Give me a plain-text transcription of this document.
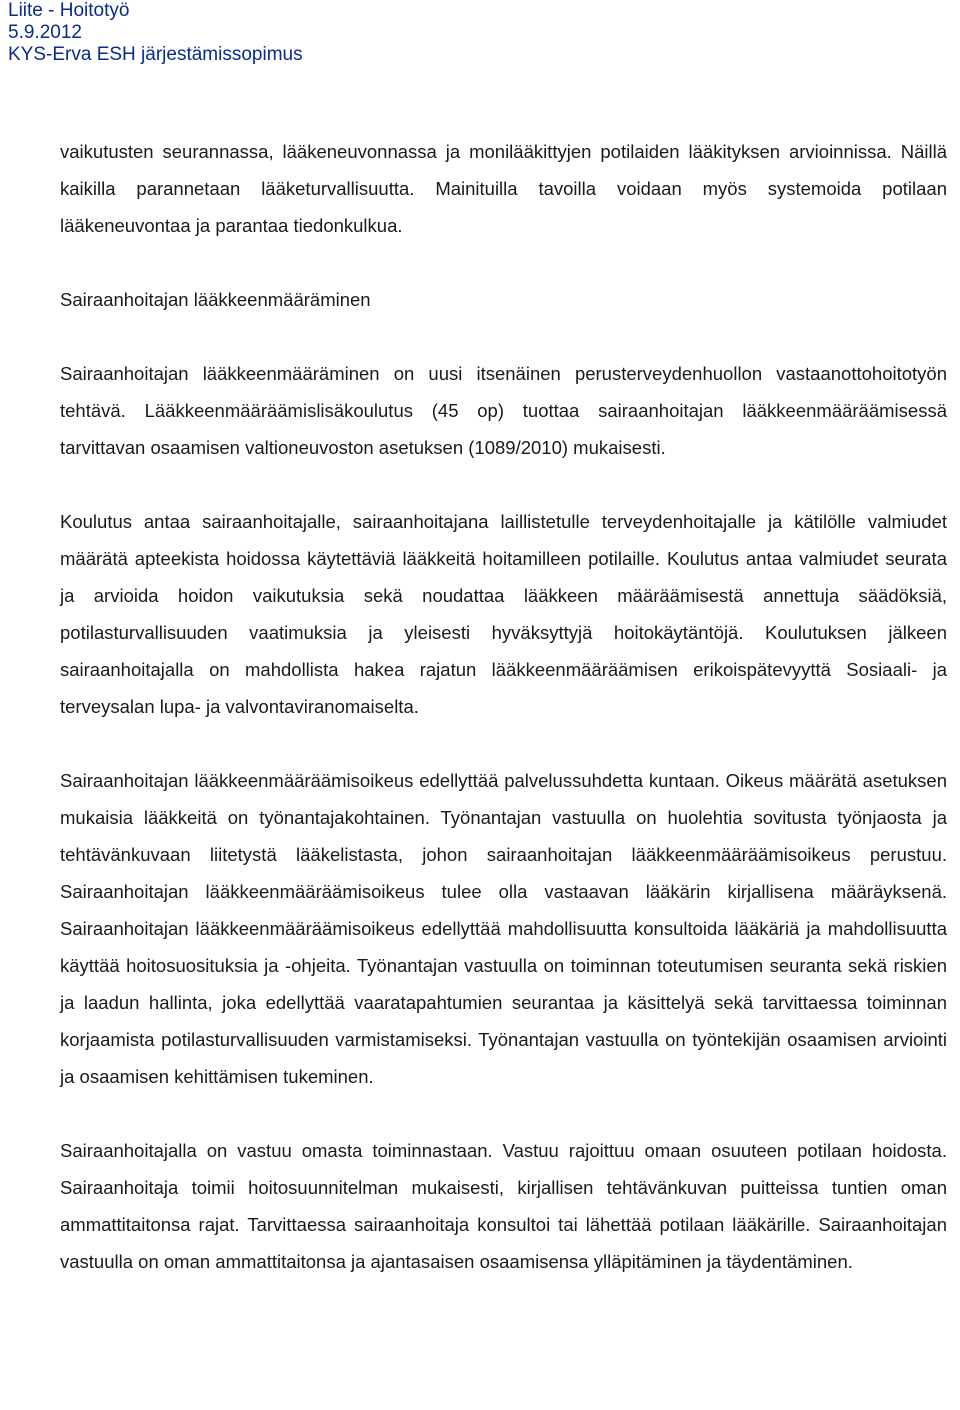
Liite - Hoitotyö
5.9.2012
KYS-Erva ESH järjestämissopimus

vaikutusten seurannassa, lääkeneuvonnassa ja monilääkittyjen potilaiden lääkityksen arvioinnissa. Näillä kaikilla parannetaan lääketurvallisuutta. Mainituilla tavoilla voidaan myös systemoida potilaan lääkeneuvontaa ja parantaa tiedonkulkua.

Sairaanhoitajan lääkkeenmääräminen

Sairaanhoitajan lääkkeenmääräminen on uusi itsenäinen perusterveydenhuollon vastaanottohoitotyön tehtävä. Lääkkeenmääräämislisäkoulutus (45 op) tuottaa sairaanhoitajan lääkkeenmääräämisessä tarvittavan osaamisen valtioneuvoston asetuksen (1089/2010) mukaisesti.

Koulutus antaa sairaanhoitajalle, sairaanhoitajana laillistetulle terveydenhoitajalle ja kätilölle valmiudet määrätä apteekista hoidossa käytettäviä lääkkeitä hoitamilleen potilaille. Koulutus antaa valmiudet seurata ja arvioida hoidon vaikutuksia sekä noudattaa lääkkeen määräämisestä annettuja säädöksiä, potilasturvallisuuden vaatimuksia ja yleisesti hyväksyttyjä hoitokäytäntöjä. Koulutuksen jälkeen sairaanhoitajalla on mahdollista hakea rajatun lääkkeenmääräämisen erikoispätevyyttä Sosiaali- ja terveysalan lupa- ja valvontaviranomaiselta.

Sairaanhoitajan lääkkeenmääräämisoikeus edellyttää palvelussuhdetta kuntaan. Oikeus määrätä asetuksen mukaisia lääkkeitä on työnantajakohtainen. Työnantajan vastuulla on huolehtia sovitusta työnjaosta ja tehtävänkuvaan liitetystä lääkelistasta, johon sairaanhoitajan lääkkeenmääräämisoikeus perustuu. Sairaanhoitajan lääkkeenmääräämisoikeus tulee olla vastaavan lääkärin kirjallisena määräyksenä. Sairaanhoitajan lääkkeenmääräämisoikeus edellyttää mahdollisuutta konsultoida lääkäriä ja mahdollisuutta käyttää hoitosuosituksia ja -ohjeita. Työnantajan vastuulla on toiminnan toteutumisen seuranta sekä riskien ja laadun hallinta, joka edellyttää vaaratapahtumien seurantaa ja käsittelyä sekä tarvittaessa toiminnan korjaamista potilasturvallisuuden varmistamiseksi. Työnantajan vastuulla on työntekijän osaamisen arviointi ja osaamisen kehittämisen tukeminen.

Sairaanhoitajalla on vastuu omasta toiminnastaan. Vastuu rajoittuu omaan osuuteen potilaan hoidosta. Sairaanhoitaja toimii hoitosuunnitelman mukaisesti, kirjallisen tehtävänkuvan puitteissa tuntien oman ammattitaitonsa rajat. Tarvittaessa sairaanhoitaja konsultoi tai lähettää potilaan lääkärille. Sairaanhoitajan vastuulla on oman ammattitaitonsa ja ajantasaisen osaamisensa ylläpitäminen ja täydentäminen.
